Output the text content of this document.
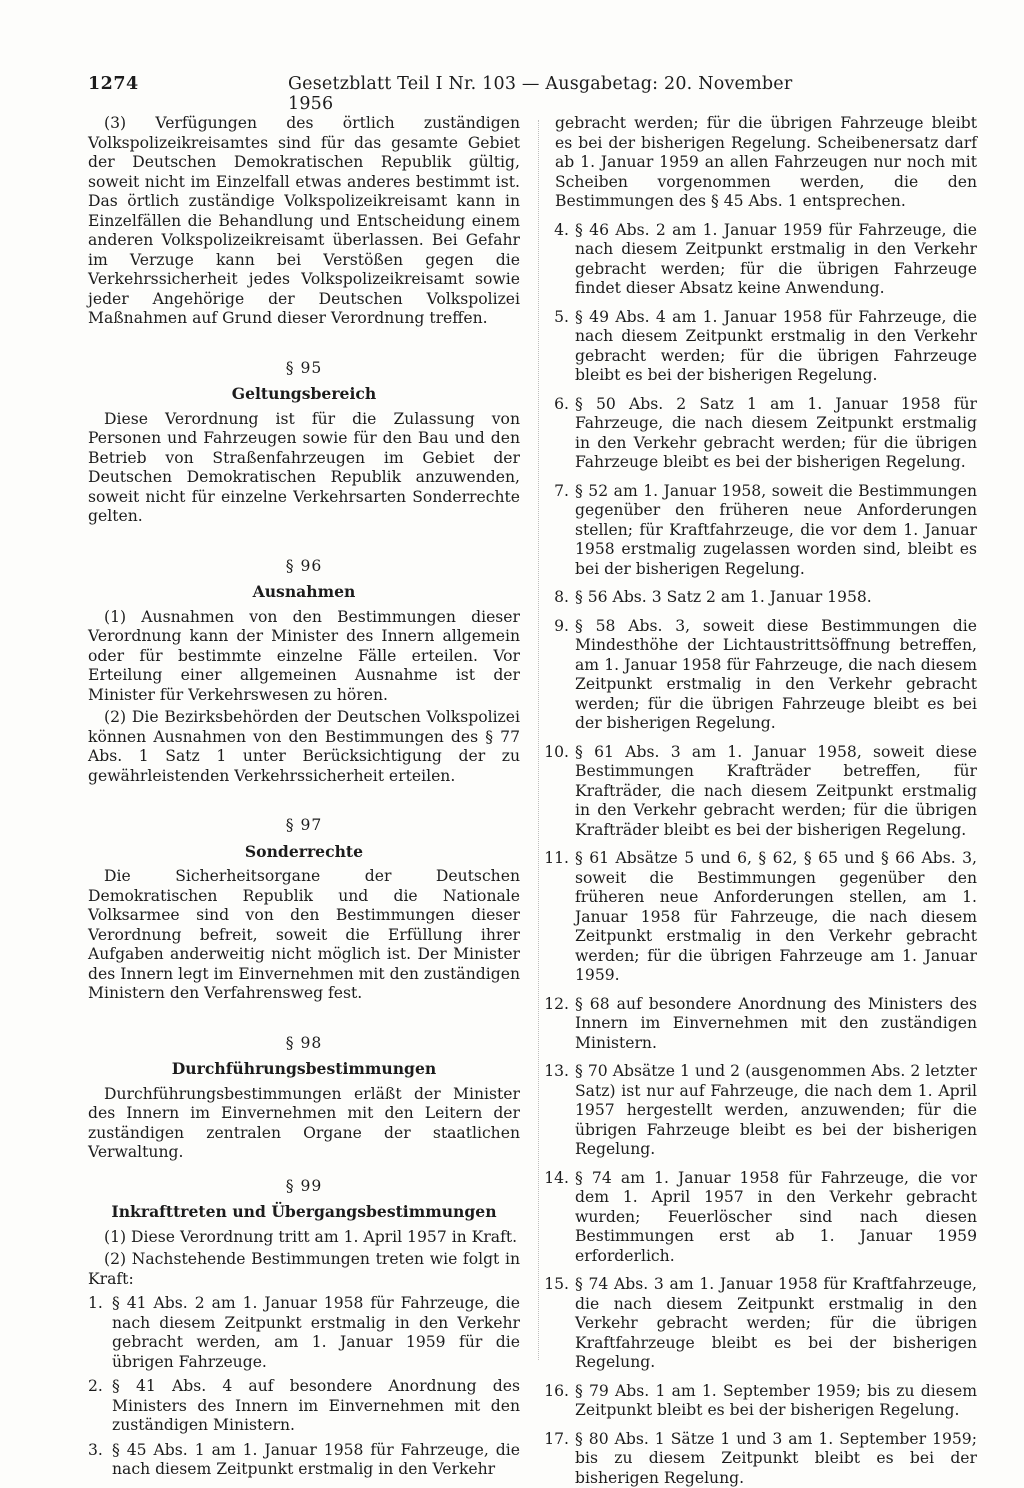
1274	Gesetzblatt Teil I Nr. 103 — Ausgabetag: 20. November 1956

(3) Verfügungen des örtlich zuständigen Volkspolizeikreisamtes sind für das gesamte Gebiet der Deutschen Demokratischen Republik gültig, soweit nicht im Einzelfall etwas anderes bestimmt ist. Das örtlich zuständige Volkspolizeikreisamt kann in Einzelfällen die Behandlung und Entscheidung einem anderen Volkspolizeikreisamt überlassen. Bei Gefahr im Verzuge kann bei Verstößen gegen die Verkehrssicherheit jedes Volkspolizeikreisamt sowie jeder Angehörige der Deutschen Volkspolizei Maßnahmen auf Grund dieser Verordnung treffen.

§ 95
Geltungsbereich

Diese Verordnung ist für die Zulassung von Personen und Fahrzeugen sowie für den Bau und den Betrieb von Straßenfahrzeugen im Gebiet der Deutschen Demokratischen Republik anzuwenden, soweit nicht für einzelne Verkehrsarten Sonderrechte gelten.

§ 96
Ausnahmen

(1) Ausnahmen von den Bestimmungen dieser Verordnung kann der Minister des Innern allgemein oder für bestimmte einzelne Fälle erteilen. Vor Erteilung einer allgemeinen Ausnahme ist der Minister für Verkehrswesen zu hören.

(2) Die Bezirksbehörden der Deutschen Volkspolizei können Ausnahmen von den Bestimmungen des § 77 Abs. 1 Satz 1 unter Berücksichtigung der zu gewährleistenden Verkehrssicherheit erteilen.

§ 97
Sonderrechte

Die Sicherheitsorgane der Deutschen Demokratischen Republik und die Nationale Volksarmee sind von den Bestimmungen dieser Verordnung befreit, soweit die Erfüllung ihrer Aufgaben anderweitig nicht möglich ist. Der Minister des Innern legt im Einvernehmen mit den zuständigen Ministern den Verfahrensweg fest.

§ 98
Durchführungsbestimmungen

Durchführungsbestimmungen erläßt der Minister des Innern im Einvernehmen mit den Leitern der zuständigen zentralen Organe der staatlichen Verwaltung.

§ 99
Inkrafttreten und Übergangsbestimmungen

(1) Diese Verordnung tritt am 1. April 1957 in Kraft.

(2) Nachstehende Bestimmungen treten wie folgt in Kraft:

1. § 41 Abs. 2 am 1. Januar 1958 für Fahrzeuge, die nach diesem Zeitpunkt erstmalig in den Verkehr gebracht werden, am 1. Januar 1959 für die übrigen Fahrzeuge.
2. § 41 Abs. 4 auf besondere Anordnung des Ministers des Innern im Einvernehmen mit den zuständigen Ministern.
3. § 45 Abs. 1 am 1. Januar 1958 für Fahrzeuge, die nach diesem Zeitpunkt erstmalig in den Verkehr
gebracht werden; für die übrigen Fahrzeuge bleibt es bei der bisherigen Regelung. Scheibenersatz darf ab 1. Januar 1959 an allen Fahrzeugen nur noch mit Scheiben vorgenommen werden, die den Bestimmungen des § 45 Abs. 1 entsprechen.
4. § 46 Abs. 2 am 1. Januar 1959 für Fahrzeuge, die nach diesem Zeitpunkt erstmalig in den Verkehr gebracht werden; für die übrigen Fahrzeuge findet dieser Absatz keine Anwendung.
5. § 49 Abs. 4 am 1. Januar 1958 für Fahrzeuge, die nach diesem Zeitpunkt erstmalig in den Verkehr gebracht werden; für die übrigen Fahrzeuge bleibt es bei der bisherigen Regelung.
6. § 50 Abs. 2 Satz 1 am 1. Januar 1958 für Fahrzeuge, die nach diesem Zeitpunkt erstmalig in den Verkehr gebracht werden; für die übrigen Fahrzeuge bleibt es bei der bisherigen Regelung.
7. § 52 am 1. Januar 1958, soweit die Bestimmungen gegenüber den früheren neue Anforderungen stellen; für Kraftfahrzeuge, die vor dem 1. Januar 1958 erstmalig zugelassen worden sind, bleibt es bei der bisherigen Regelung.
8. § 56 Abs. 3 Satz 2 am 1. Januar 1958.
9. § 58 Abs. 3, soweit diese Bestimmungen die Mindesthöhe der Lichtaustrittsöffnung betreffen, am 1. Januar 1958 für Fahrzeuge, die nach diesem Zeitpunkt erstmalig in den Verkehr gebracht werden; für die übrigen Fahrzeuge bleibt es bei der bisherigen Regelung.
10. § 61 Abs. 3 am 1. Januar 1958, soweit diese Bestimmungen Krafträder betreffen, für Krafträder, die nach diesem Zeitpunkt erstmalig in den Verkehr gebracht werden; für die übrigen Krafträder bleibt es bei der bisherigen Regelung.
11. § 61 Absätze 5 und 6, § 62, § 65 und § 66 Abs. 3, soweit die Bestimmungen gegenüber den früheren neue Anforderungen stellen, am 1. Januar 1958 für Fahrzeuge, die nach diesem Zeitpunkt erstmalig in den Verkehr gebracht werden; für die übrigen Fahrzeuge am 1. Januar 1959.
12. § 68 auf besondere Anordnung des Ministers des Innern im Einvernehmen mit den zuständigen Ministern.
13. § 70 Absätze 1 und 2 (ausgenommen Abs. 2 letzter Satz) ist nur auf Fahrzeuge, die nach dem 1. April 1957 hergestellt werden, anzuwenden; für die übrigen Fahrzeuge bleibt es bei der bisherigen Regelung.
14. § 74 am 1. Januar 1958 für Fahrzeuge, die vor dem 1. April 1957 in den Verkehr gebracht wurden; Feuerlöscher sind nach diesen Bestimmungen erst ab 1. Januar 1959 erforderlich.
15. § 74 Abs. 3 am 1. Januar 1958 für Kraftfahrzeuge, die nach diesem Zeitpunkt erstmalig in den Verkehr gebracht werden; für die übrigen Kraftfahrzeuge bleibt es bei der bisherigen Regelung.
16. § 79 Abs. 1 am 1. September 1959; bis zu diesem Zeitpunkt bleibt es bei der bisherigen Regelung.
17. § 80 Abs. 1 Sätze 1 und 3 am 1. September 1959; bis zu diesem Zeitpunkt bleibt es bei der bisherigen Regelung.
